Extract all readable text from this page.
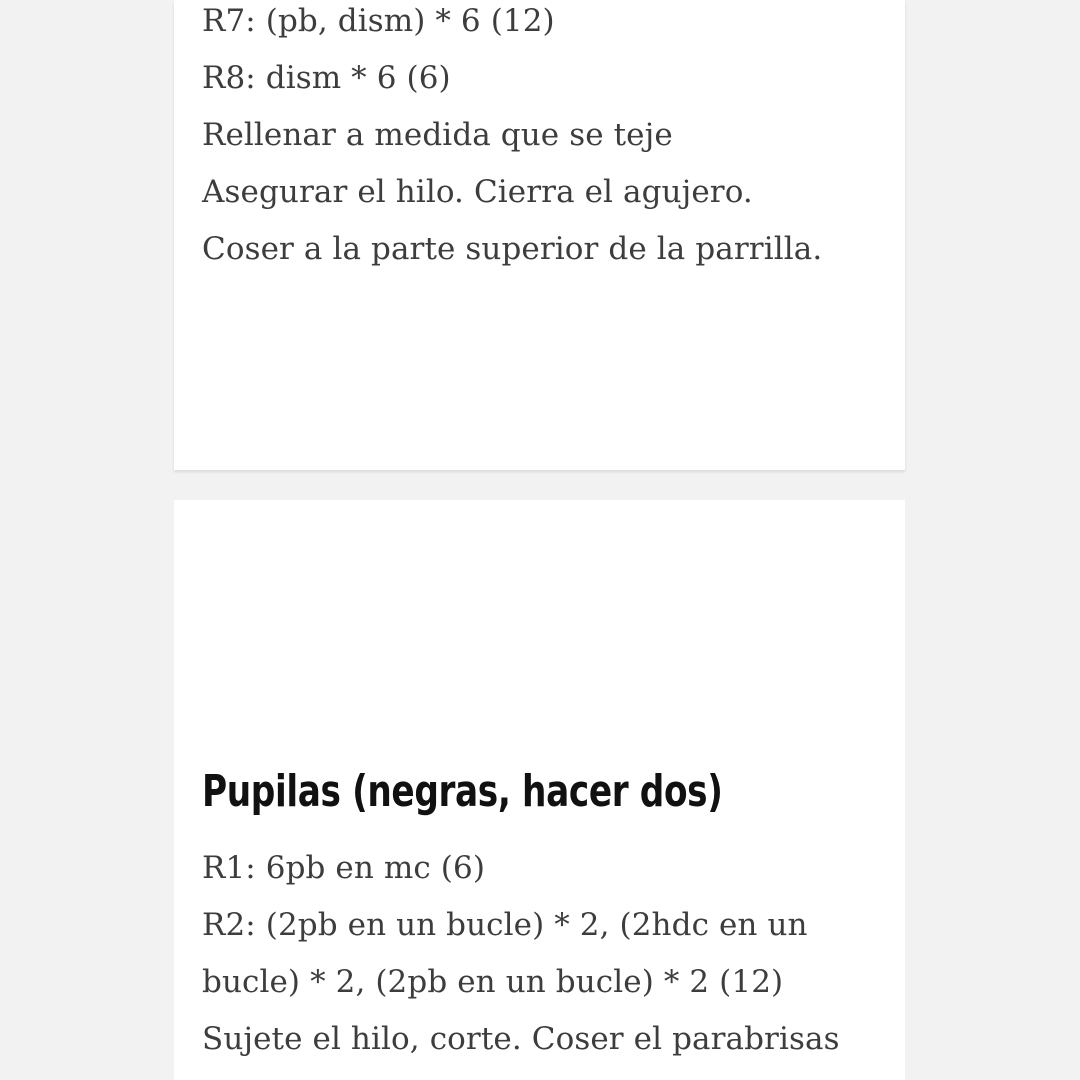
R7: (pb, dism) * 6 (12)
R8: dism * 6 (6)
Rellenar a medida que se teje
Asegurar el hilo. Cierra el agujero.
Coser a la parte superior de la parrilla.
Pupilas (negras, hacer dos)
R1: 6pb en mc (6)
R2: (2pb en un bucle) * 2, (2hdc en un
bucle) * 2, (2pb en un bucle) * 2 (12)
Sujete el hilo, corte. Coser el parabrisas
